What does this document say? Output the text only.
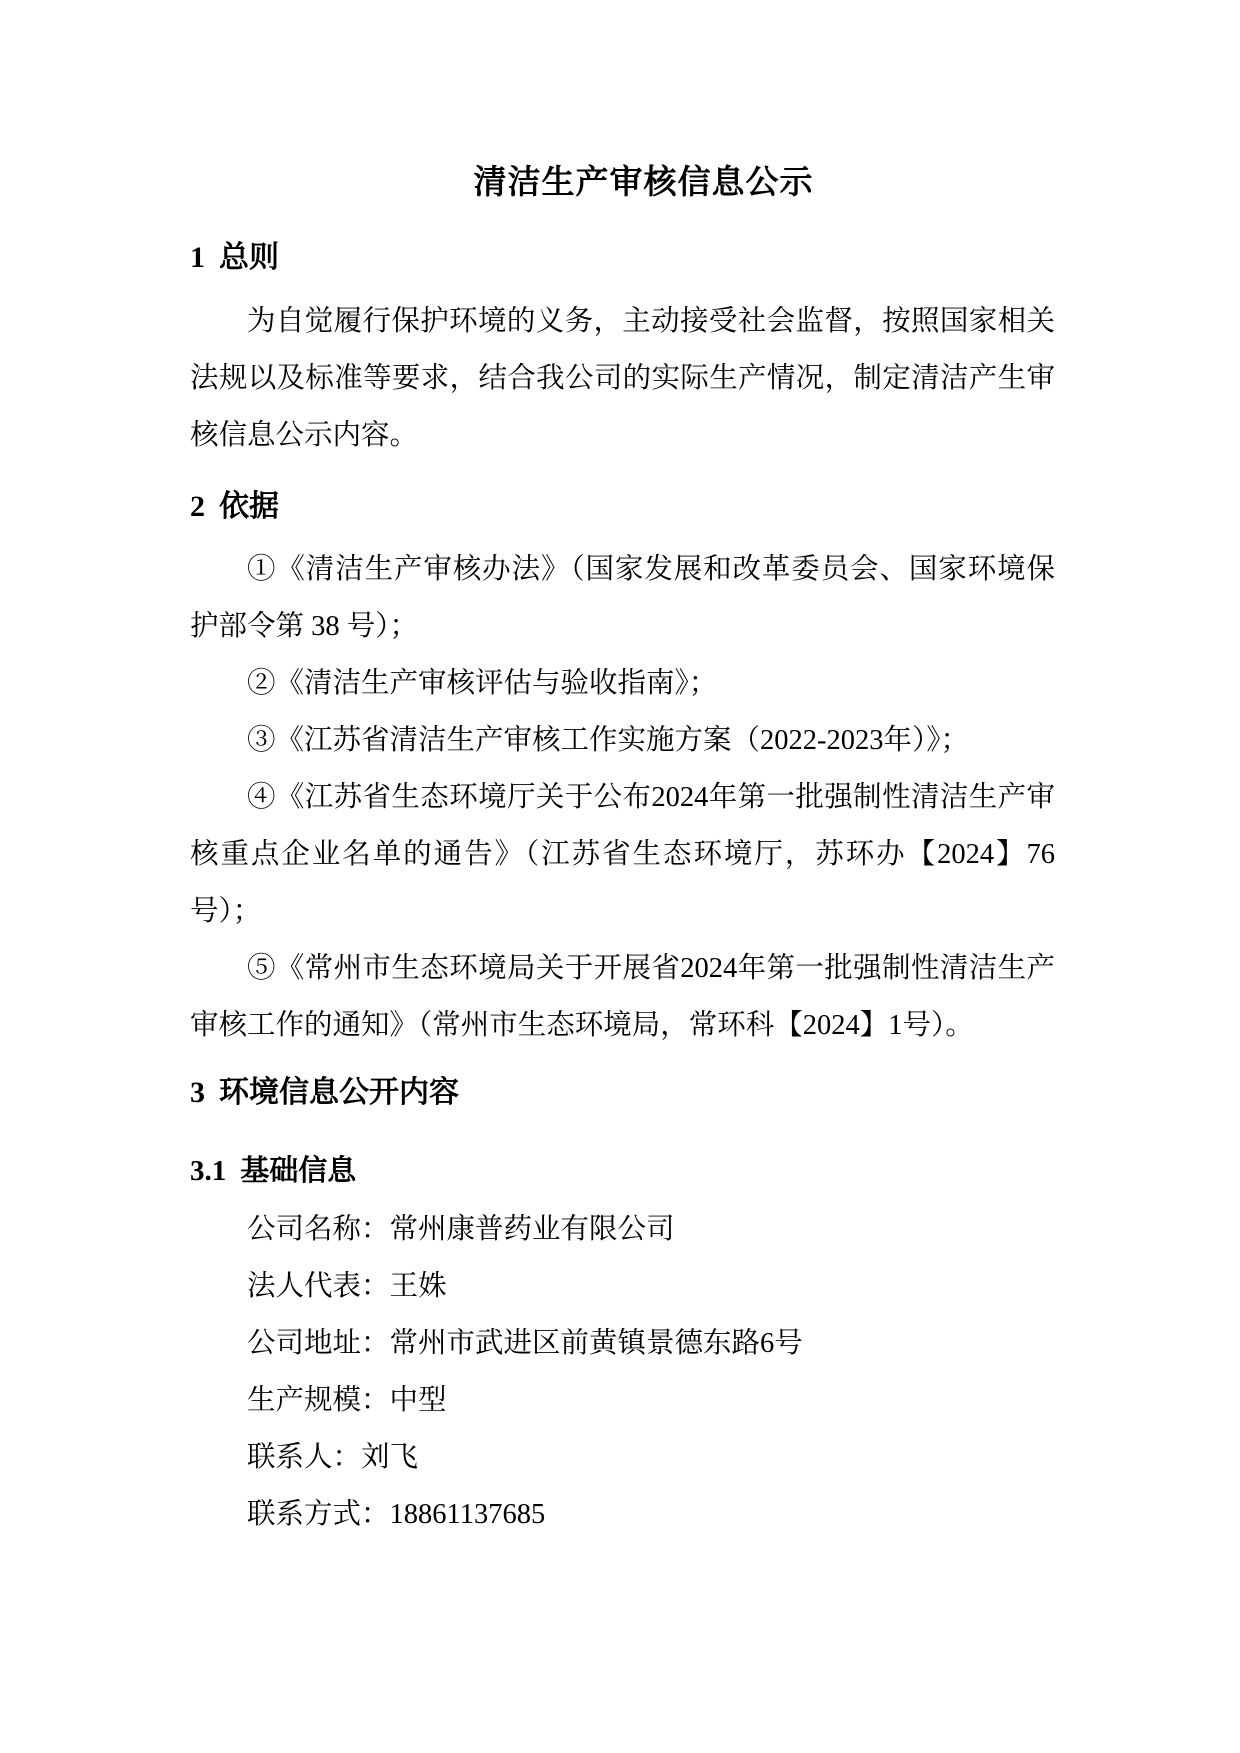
清洁生产审核信息公示
1 总则

为自觉履行保护环境的义务，主动接受社会监督，按照国家相关法规以及标准等要求，结合我公司的实际生产情况，制定清洁产生审核信息公示内容。

2 依据

①《清洁生产审核办法》（国家发展和改革委员会、国家环境保护部令第 38 号）；

②《清洁生产审核评估与验收指南》；

③《江苏省清洁生产审核工作实施方案（2022-2023年）》；

④《江苏省生态环境厅关于公布2024年第一批强制性清洁生产审核重点企业名单的通告》（江苏省生态环境厅，苏环办【2024】76号）；

⑤《常州市生态环境局关于开展省2024年第一批强制性清洁生产审核工作的通知》（常州市生态环境局，常环科【2024】1号）。

3 环境信息公开内容
3.1 基础信息

公司名称：常州康普药业有限公司

法人代表：王姝

公司地址：常州市武进区前黄镇景德东路6号

生产规模：中型

联系人：刘飞

联系方式：18861137685
